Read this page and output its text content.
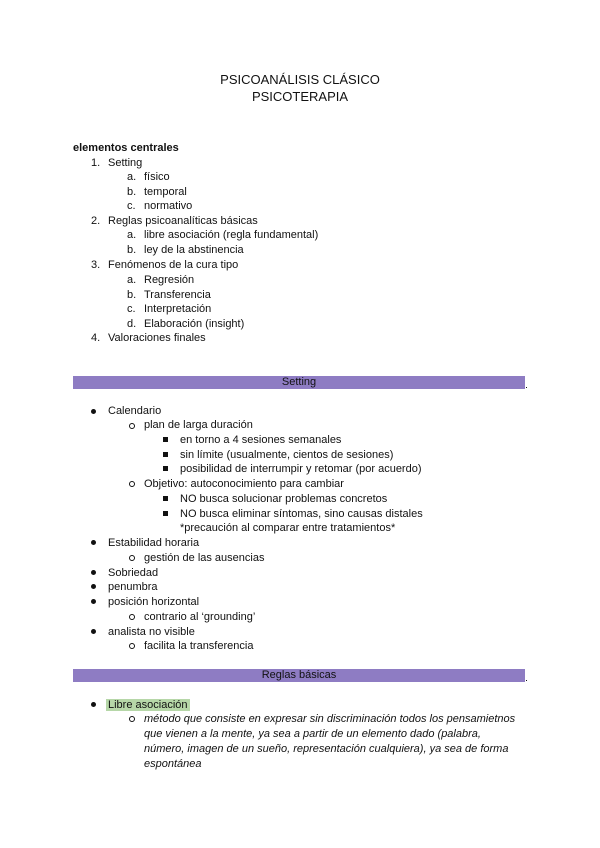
PSICOANÁLISIS CLÁSICO
PSICOTERAPIA
elementos centrales
1. Setting
a. físico
b. temporal
c. normativo
2. Reglas psicoanalíticas básicas
a. libre asociación (regla fundamental)
b. ley de la abstinencia
3. Fenómenos de la cura tipo
a. Regresión
b. Transferencia
c. Interpretación
d. Elaboración (insight)
4. Valoraciones finales
Setting
Calendario
plan de larga duración
en torno a 4 sesiones semanales
sin límite (usualmente, cientos de sesiones)
posibilidad de interrumpir y retomar (por acuerdo)
Objetivo: autoconocimiento para cambiar
NO busca solucionar problemas concretos
NO busca eliminar síntomas, sino causas distales
*precaución al comparar entre tratamientos*
Estabilidad horaria
gestión de las ausencias
Sobriedad
penumbra
posición horizontal
contrario al ‘grounding’
analista no visible
facilita la transferencia
Reglas básicas
Libre asociación
método que consiste en expresar sin discriminación todos los pensamietnos
que vienen a la mente, ya sea a partir de un elemento dado (palabra,
número, imagen de un sueño, representación cualquiera), ya sea de forma
espontánea
